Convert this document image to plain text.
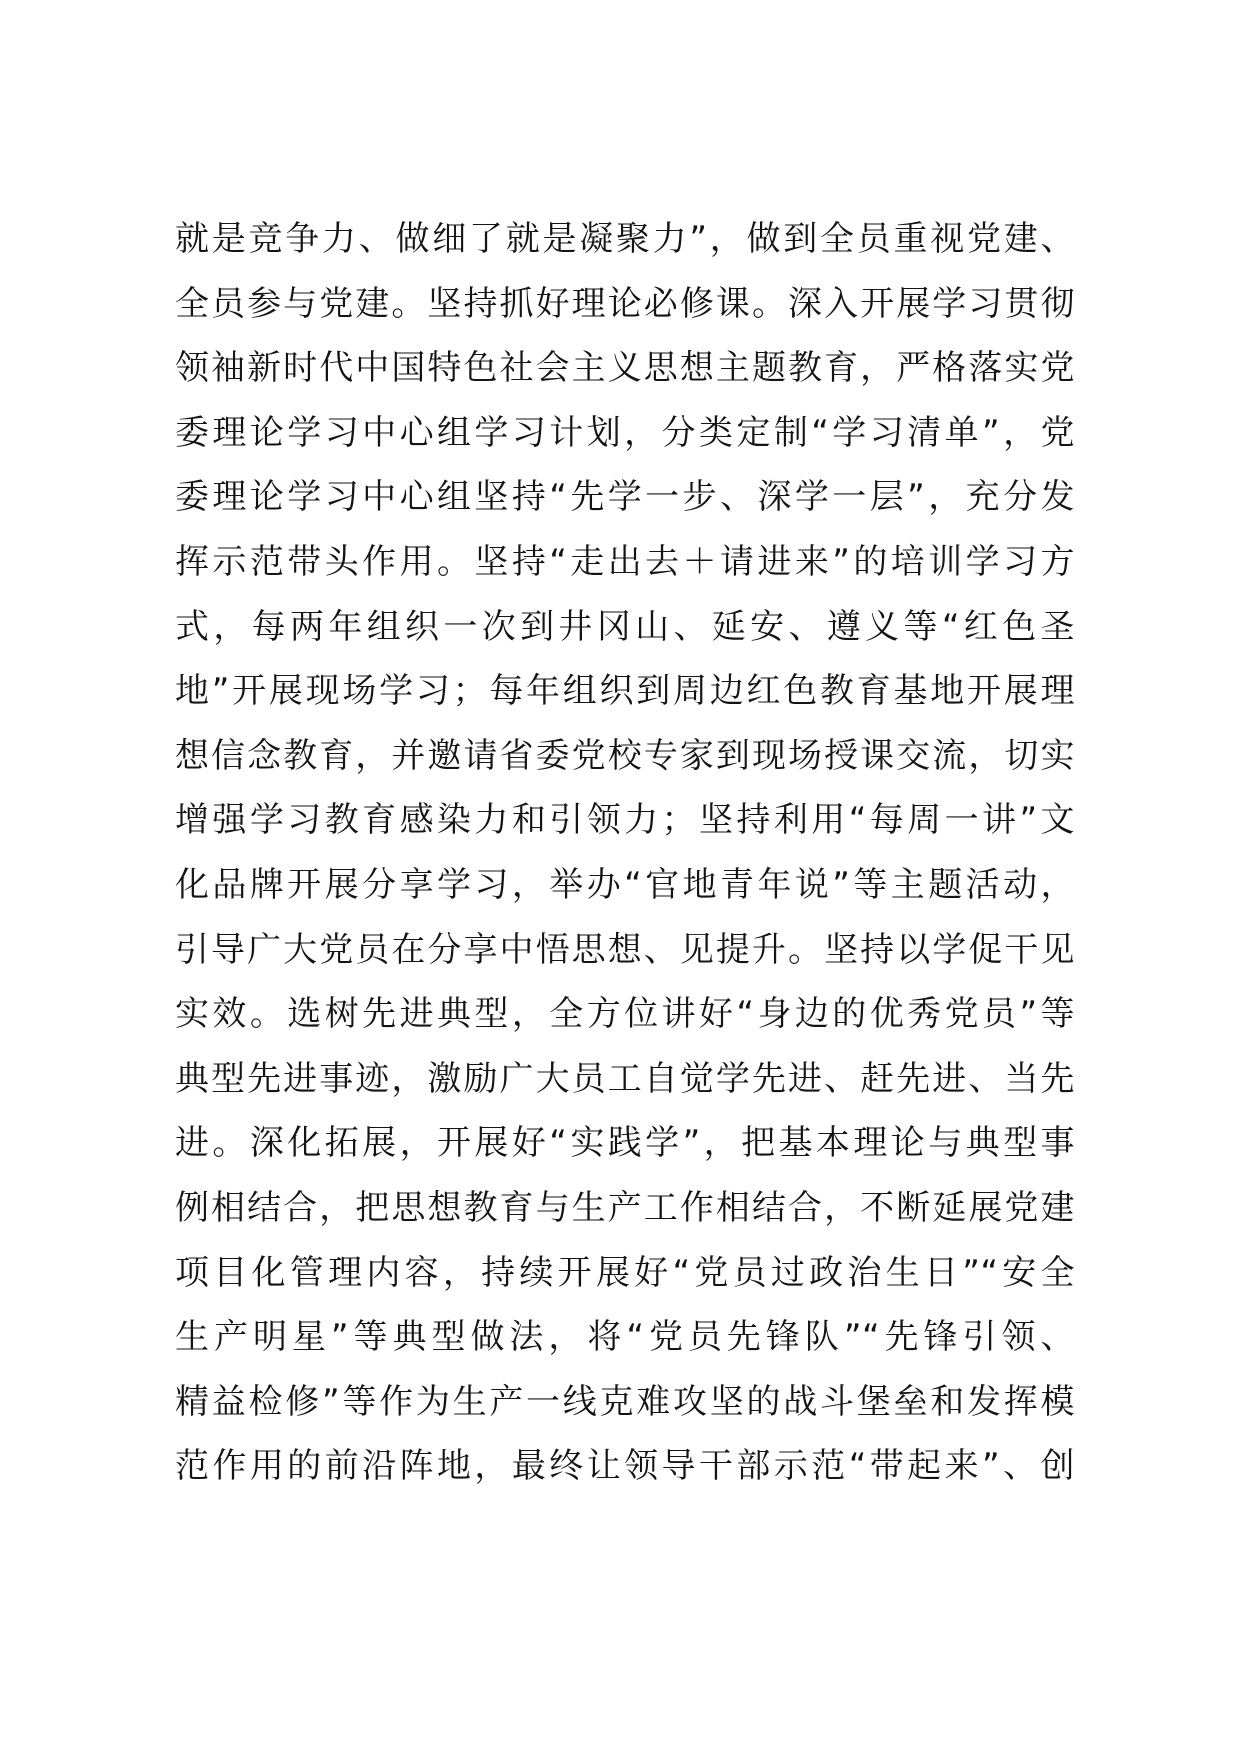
就是竞争力、做细了就是凝聚力”，做到全员重视党建、
全员参与党建。坚持抓好理论必修课。深入开展学习贯彻
领袖新时代中国特色社会主义思想主题教育，严格落实党
委理论学习中心组学习计划，分类定制“学习清单”，党
委理论学习中心组坚持“先学一步、深学一层”，充分发
挥示范带头作用。坚持“走出去＋请进来”的培训学习方
式，每两年组织一次到井冈山、延安、遵义等“红色圣
地”开展现场学习；每年组织到周边红色教育基地开展理
想信念教育，并邀请省委党校专家到现场授课交流，切实
增强学习教育感染力和引领力；坚持利用“每周一讲”文
化品牌开展分享学习，举办“官地青年说”等主题活动，
引导广大党员在分享中悟思想、见提升。坚持以学促干见
实效。选树先进典型，全方位讲好“身边的优秀党员”等
典型先进事迹，激励广大员工自觉学先进、赶先进、当先
进。深化拓展，开展好“实践学”，把基本理论与典型事
例相结合，把思想教育与生产工作相结合，不断延展党建
项目化管理内容，持续开展好“党员过政治生日”“安全
生产明星”等典型做法，将“党员先锋队”“先锋引领、
精益检修”等作为生产一线克难攻坚的战斗堡垒和发挥模
范作用的前沿阵地，最终让领导干部示范“带起来”、创
